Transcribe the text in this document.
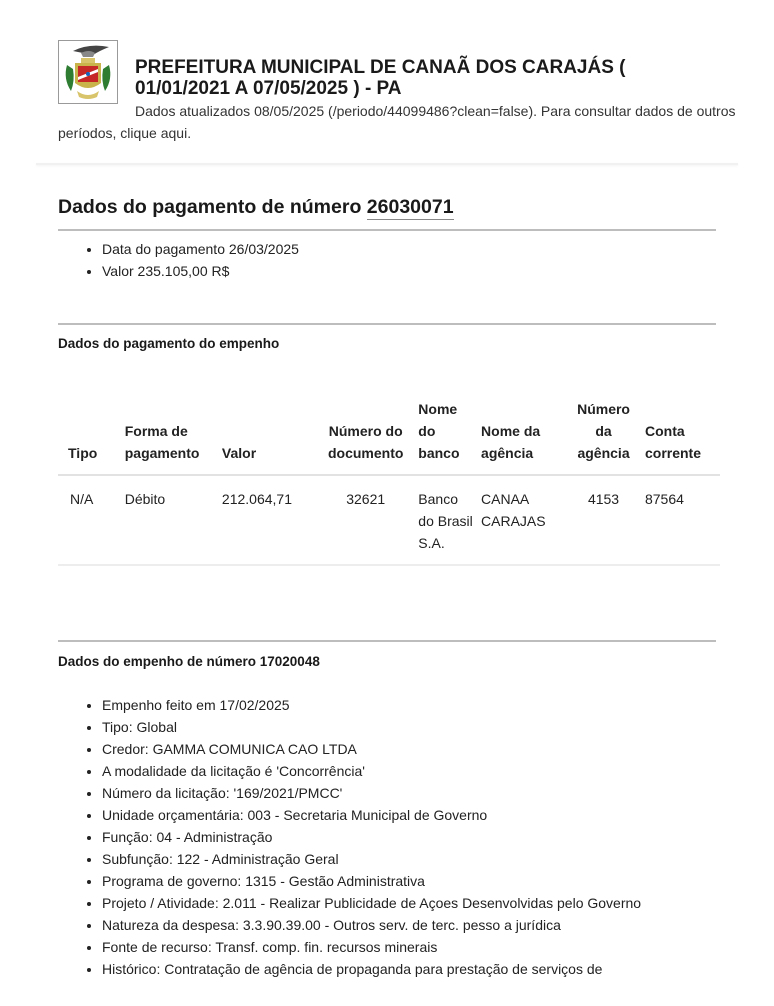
PREFEITURA MUNICIPAL DE CANAÃ DOS CARAJÁS ( 01/01/2021 A 07/05/2025 ) - PA
Dados atualizados 08/05/2025 (/periodo/44099486?clean=false). Para consultar dados de outros períodos, clique aqui.
Dados do pagamento de número 26030071
• Data do pagamento 26/03/2025
• Valor 235.105,00 R$
Dados do pagamento do empenho
Tipo	Forma de pagamento	Valor	Número do documento	Nome do banco	Nome da agência	Número da agência	Conta corrente
N/A	Débito	212.064,71	32621	Banco do Brasil S.A.	CANAA CARAJAS	4153	87564
Dados do empenho de número 17020048
• Empenho feito em 17/02/2025
• Tipo: Global
• Credor: GAMMA COMUNICA CAO LTDA
• A modalidade da licitação é 'Concorrência'
• Número da licitação: '169/2021/PMCC'
• Unidade orçamentária: 003 - Secretaria Municipal de Governo
• Função: 04 - Administração
• Subfunção: 122 - Administração Geral
• Programa de governo: 1315 - Gestão Administrativa
• Projeto / Atividade: 2.011 - Realizar Publicidade de Açoes Desenvolvidas pelo Governo
• Natureza da despesa: 3.3.90.39.00 - Outros serv. de terc. pesso a jurídica
• Fonte de recurso: Transf. comp. fin. recursos minerais
• Histórico: Contratação de agência de propaganda para prestação de serviços de
